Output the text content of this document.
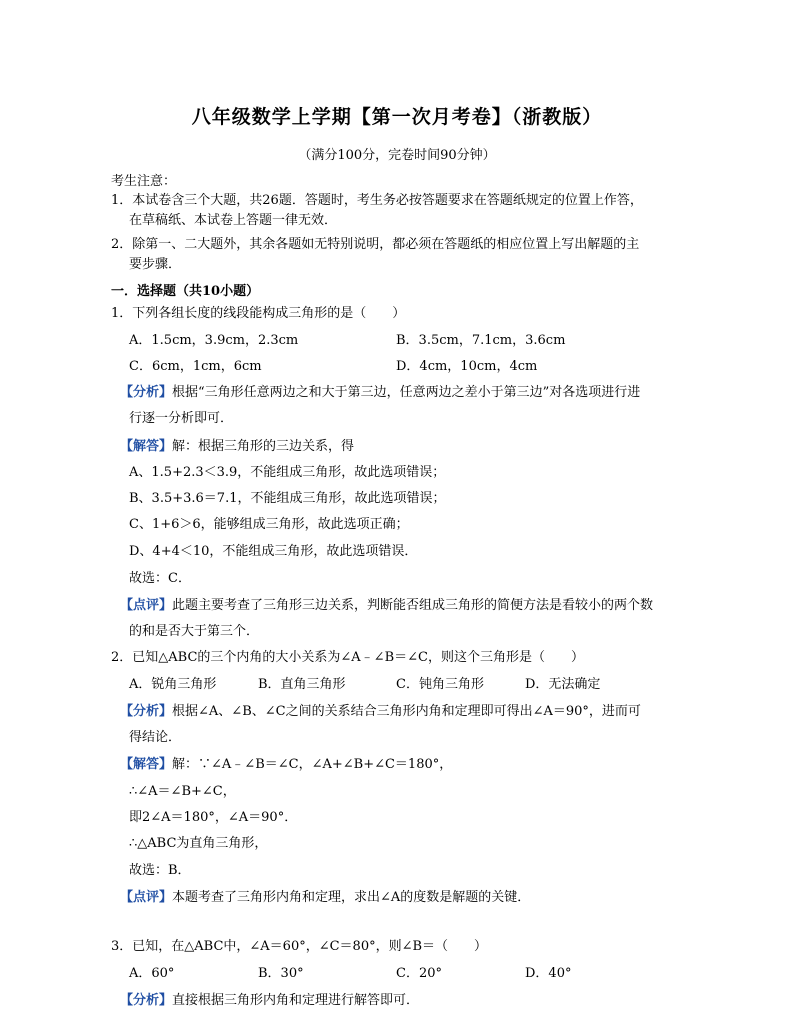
八年级数学上学期【第一次月考卷】（浙教版）
（满分100分，完卷时间90分钟）
考生注意：
1．本试卷含三个大题，共26题．答题时，考生务必按答题要求在答题纸规定的位置上作答，
在草稿纸、本试卷上答题一律无效．
2．除第一、二大题外，其余各题如无特别说明，都必须在答题纸的相应位置上写出解题的主
要步骤．
一．选择题（共10小题）
1．下列各组长度的线段能构成三角形的是（　　）
A．1.5cm，3.9cm，2.3cm	B．3.5cm，7.1cm，3.6cm
C．6cm，1cm，6cm	D．4cm，10cm，4cm
【分析】根据“三角形任意两边之和大于第三边，任意两边之差小于第三边”对各选项进行进
行逐一分析即可．
【解答】解：根据三角形的三边关系，得
A、1.5+2.3＜3.9，不能组成三角形，故此选项错误；
B、3.5+3.6＝7.1，不能组成三角形，故此选项错误；
C、1+6＞6，能够组成三角形，故此选项正确；
D、4+4＜10，不能组成三角形，故此选项错误．
故选：C．
【点评】此题主要考查了三角形三边关系，判断能否组成三角形的简便方法是看较小的两个数
的和是否大于第三个．
2．已知△ABC的三个内角的大小关系为∠A﹣∠B＝∠C，则这个三角形是（　　）
A．锐角三角形	B．直角三角形	C．钝角三角形	D．无法确定
【分析】根据∠A、∠B、∠C之间的关系结合三角形内角和定理即可得出∠A＝90°，进而可
得结论．
【解答】解：∵∠A﹣∠B＝∠C，∠A+∠B+∠C＝180°，
∴∠A＝∠B+∠C，
即2∠A＝180°，∠A＝90°．
∴△ABC为直角三角形，
故选：B．
【点评】本题考查了三角形内角和定理，求出∠A的度数是解题的关键．
3．已知，在△ABC中，∠A＝60°，∠C＝80°，则∠B＝（　　）
A．60°	B．30°	C．20°	D．40°
【分析】直接根据三角形内角和定理进行解答即可．
